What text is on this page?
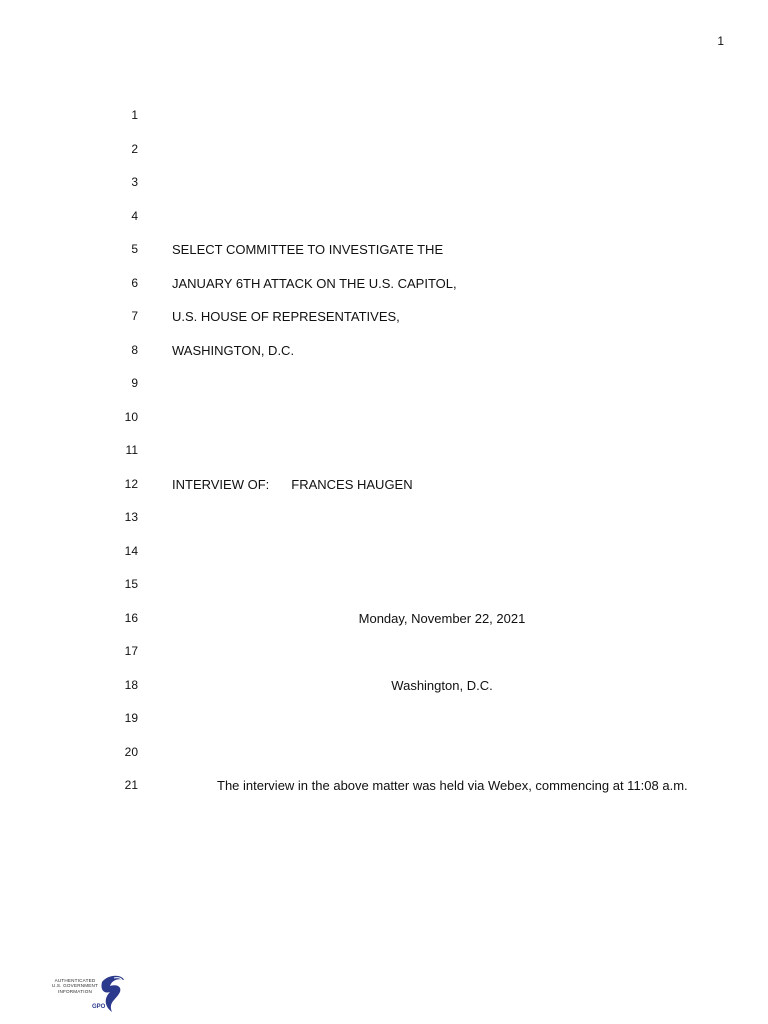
1
1
2
3
4
5	SELECT COMMITTEE TO INVESTIGATE THE
6	JANUARY 6TH ATTACK ON THE U.S. CAPITOL,
7	U.S. HOUSE OF REPRESENTATIVES,
8	WASHINGTON, D.C.
9
10
11
12	INTERVIEW OF: FRANCES HAUGEN
13
14
15
16	Monday, November 22, 2021
17
18	Washington, D.C.
19
20
21	The interview in the above matter was held via Webex, commencing at 11:08 a.m.
AUTHENTICATED
U.S. GOVERNMENT
INFORMATION
GPO
